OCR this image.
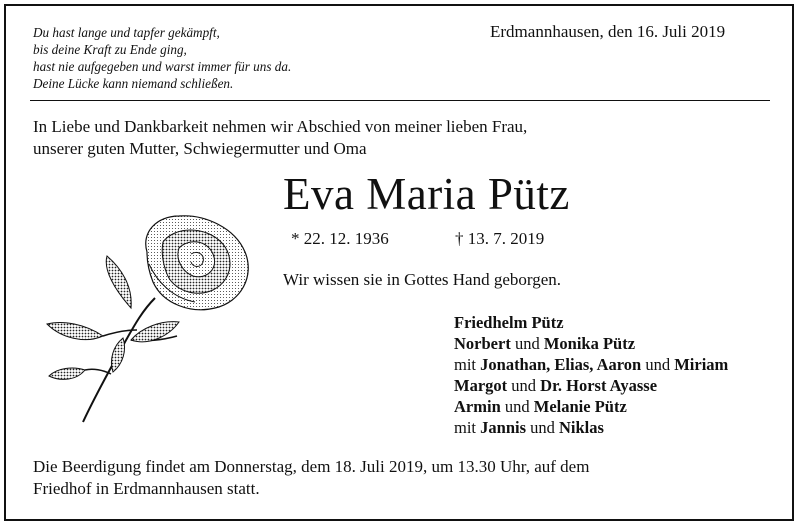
Du hast lange und tapfer gekämpft,
bis deine Kraft zu Ende ging,
hast nie aufgegeben und warst immer für uns da.
Deine Lücke kann niemand schließen.
Erdmannhausen, den 16. Juli 2019
In Liebe und Dankbarkeit nehmen wir Abschied von meiner lieben Frau,
unserer guten Mutter, Schwiegermutter und Oma
Eva Maria Pütz
* 22. 12. 1936	† 13. 7. 2019
Wir wissen sie in Gottes Hand geborgen.
Friedhelm Pütz
Norbert und Monika Pütz
mit Jonathan, Elias, Aaron und Miriam
Margot und Dr. Horst Ayasse
Armin und Melanie Pütz
mit Jannis und Niklas
Die Beerdigung findet am Donnerstag, dem 18. Juli 2019, um 13.30 Uhr, auf dem
Friedhof in Erdmannhausen statt.
